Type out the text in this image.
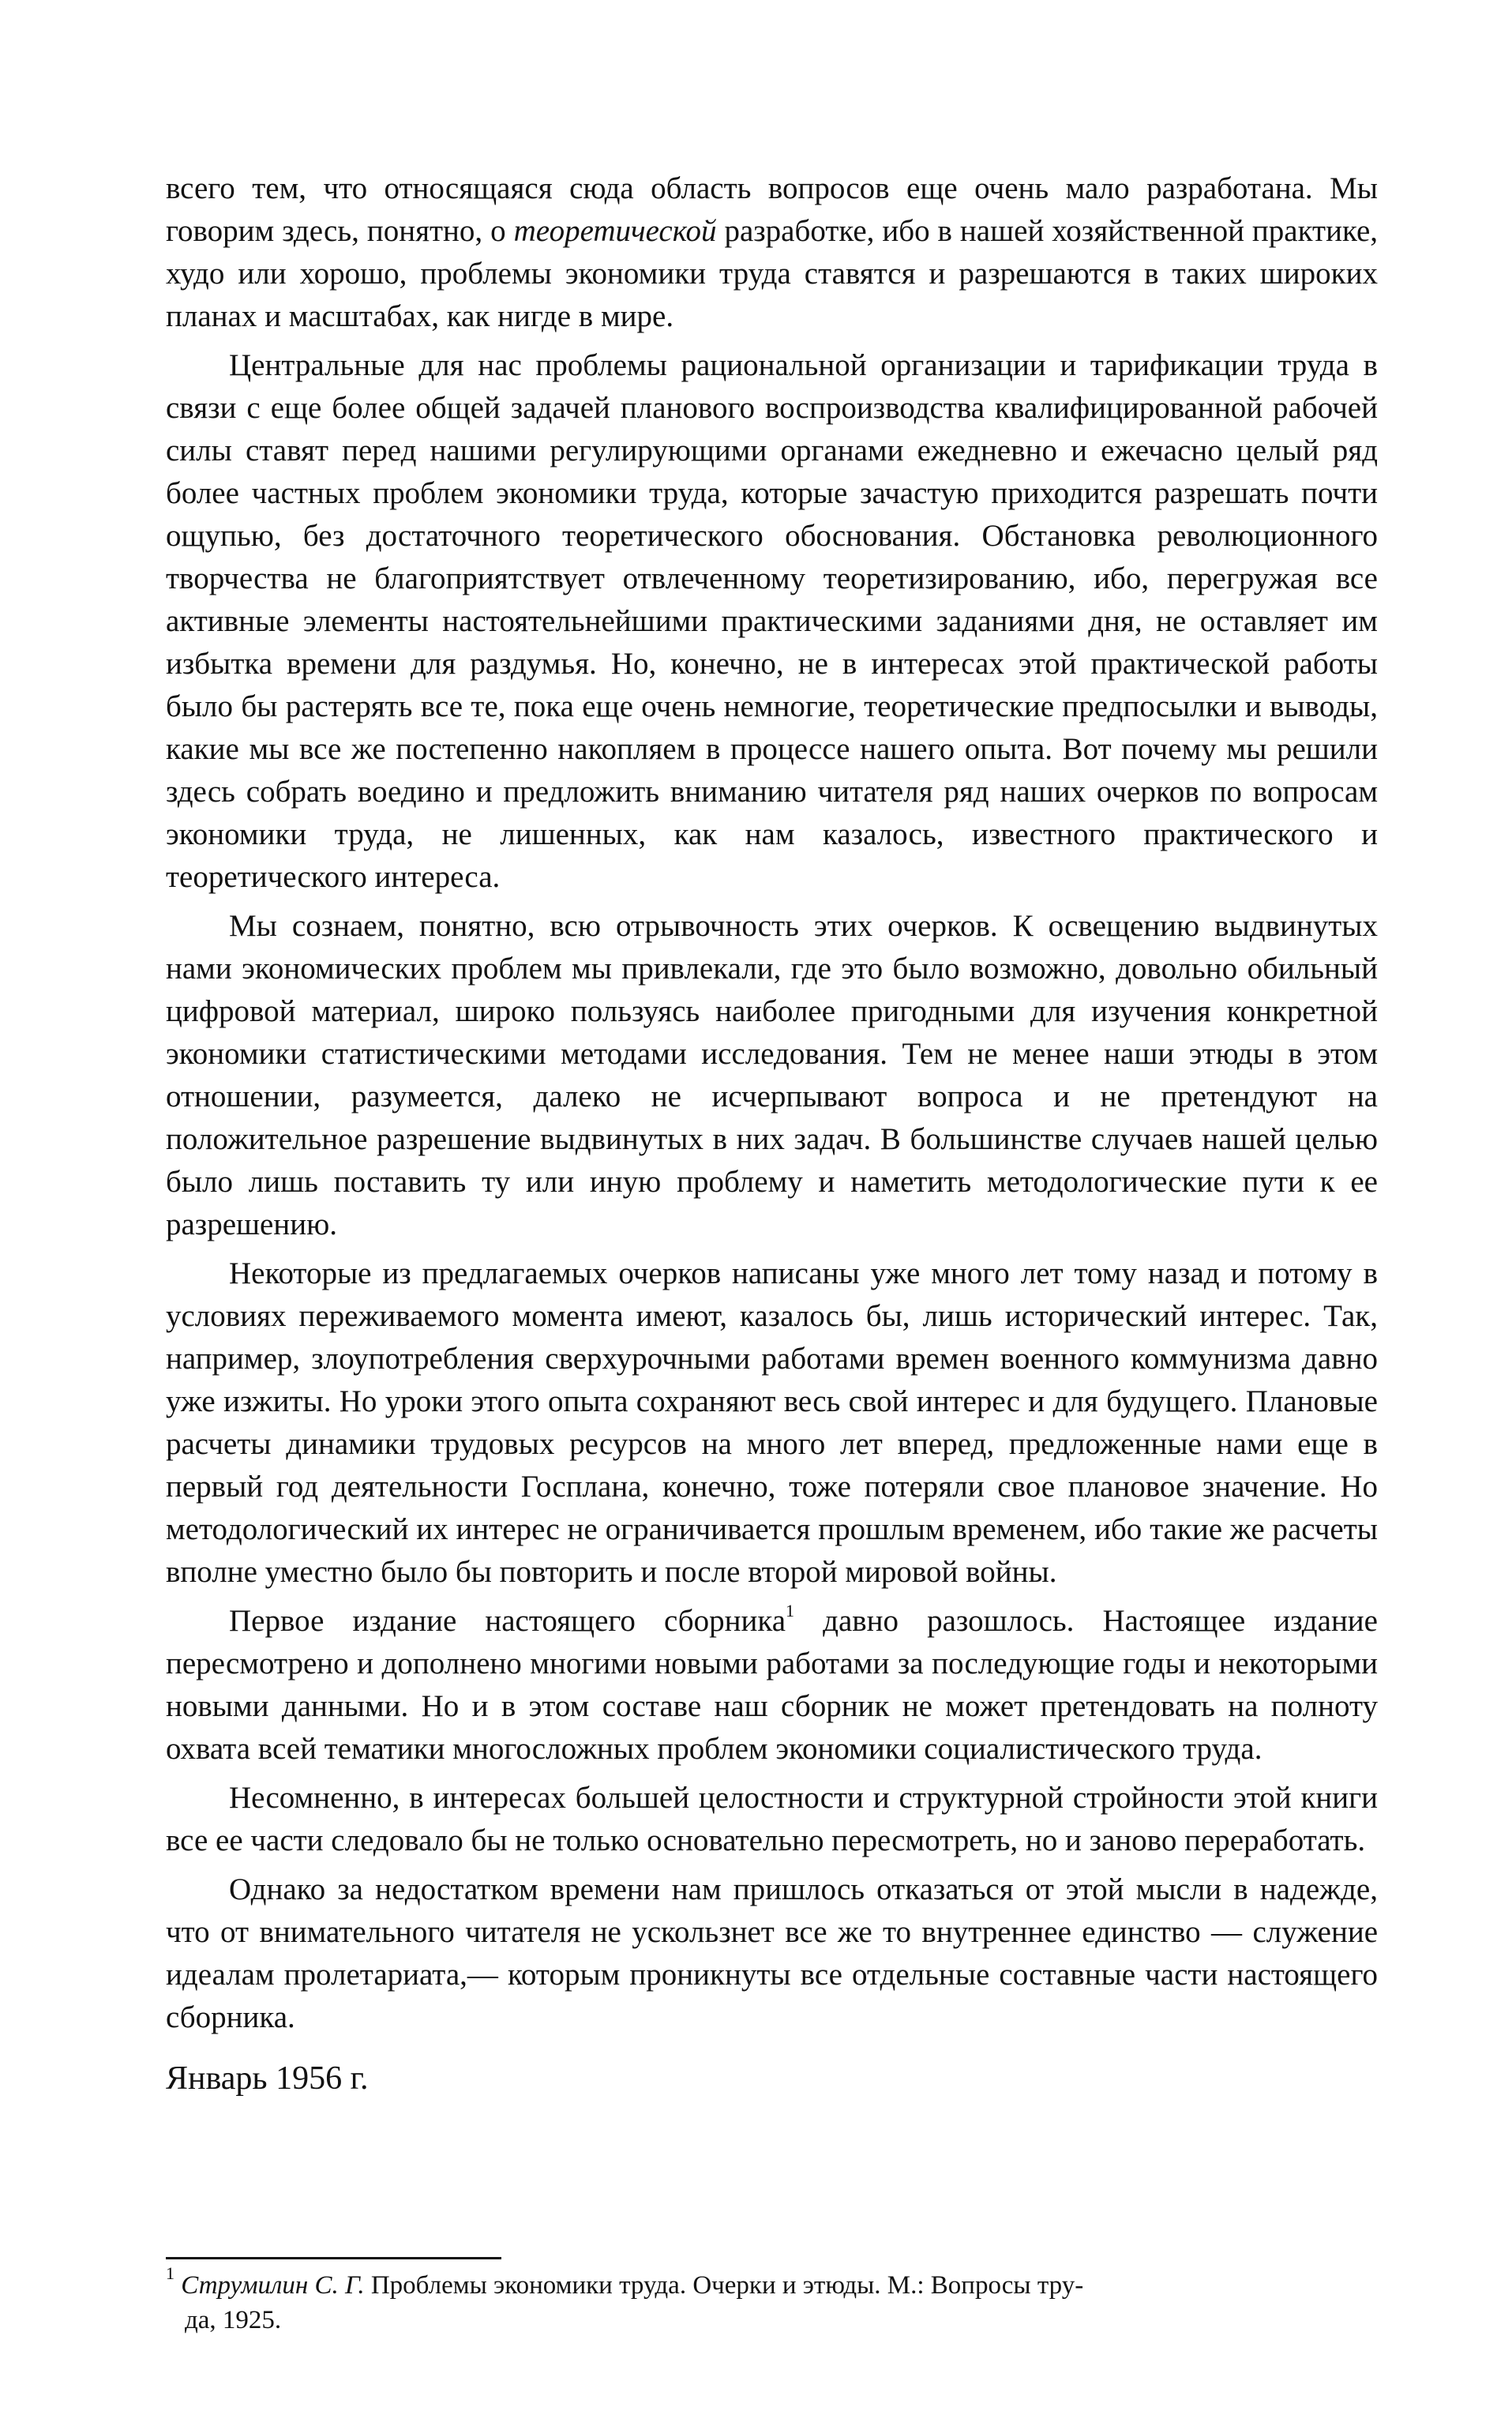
всего тем, что относящаяся сюда область вопросов еще очень мало разработана. Мы говорим здесь, понятно, о теоретической разработке, ибо в нашей хозяйственной практике, худо или хорошо, проблемы экономики труда ставятся и разрешаются в таких широких планах и масштабах, как нигде в мире.

Центральные для нас проблемы рациональной организации и тарификации труда в связи с еще более общей задачей планового воспроизводства квалифицированной рабочей силы ставят перед нашими регулирующими органами ежедневно и ежечасно целый ряд более частных проблем экономики труда, которые зачастую приходится разрешать почти ощупью, без достаточного теоретического обоснования. Обстановка революционного творчества не благоприятствует отвлеченному теоретизированию, ибо, перегружая все активные элементы настоятельнейшими практическими заданиями дня, не оставляет им избытка времени для раздумья. Но, конечно, не в интересах этой практической работы было бы растерять все те, пока еще очень немногие, теоретические предпосылки и выводы, какие мы все же постепенно накопляем в процессе нашего опыта. Вот почему мы решили здесь собрать воедино и предложить вниманию читателя ряд наших очерков по вопросам экономики труда, не лишенных, как нам казалось, известного практического и теоретического интереса.

Мы сознаем, понятно, всю отрывочность этих очерков. К освещению выдвинутых нами экономических проблем мы привлекали, где это было возможно, довольно обильный цифровой материал, широко пользуясь наиболее пригодными для изучения конкретной экономики статистическими методами исследования. Тем не менее наши этюды в этом отношении, разумеется, далеко не исчерпывают вопроса и не претендуют на положительное разрешение выдвинутых в них задач. В большинстве случаев нашей целью было лишь поставить ту или иную проблему и наметить методологические пути к ее разрешению.

Некоторые из предлагаемых очерков написаны уже много лет тому назад и потому в условиях переживаемого момента имеют, казалось бы, лишь исторический интерес. Так, например, злоупотребления сверхурочными работами времен военного коммунизма давно уже изжиты. Но уроки этого опыта сохраняют весь свой интерес и для будущего. Плановые расчеты динамики трудовых ресурсов на много лет вперед, предложенные нами еще в первый год деятельности Госплана, конечно, тоже потеряли свое плановое значение. Но методологический их интерес не ограничивается прошлым временем, ибо такие же расчеты вполне уместно было бы повторить и после второй мировой войны.

Первое издание настоящего сборника$^1$ давно разошлось. Настоящее издание пересмотрено и дополнено многими новыми работами за последующие годы и некоторыми новыми данными. Но и в этом составе наш сборник не может претендовать на полноту охвата всей тематики многосложных проблем экономики социалистического труда.

Несомненно, в интересах большей целостности и структурной стройности этой книги все ее части следовало бы не только основательно пересмотреть, но и заново переработать.

Однако за недостатком времени нам пришлось отказаться от этой мысли в надежде, что от внимательного читателя не ускользнет все же то внутреннее единство — служение идеалам пролетариата,— которым проникнуты все отдельные составные части настоящего сборника.

Январь 1956 г.
$^1$ Струмилин С. Г. Проблемы экономики труда. Очерки и этюды. М.: Вопросы тру-
да, 1925.
